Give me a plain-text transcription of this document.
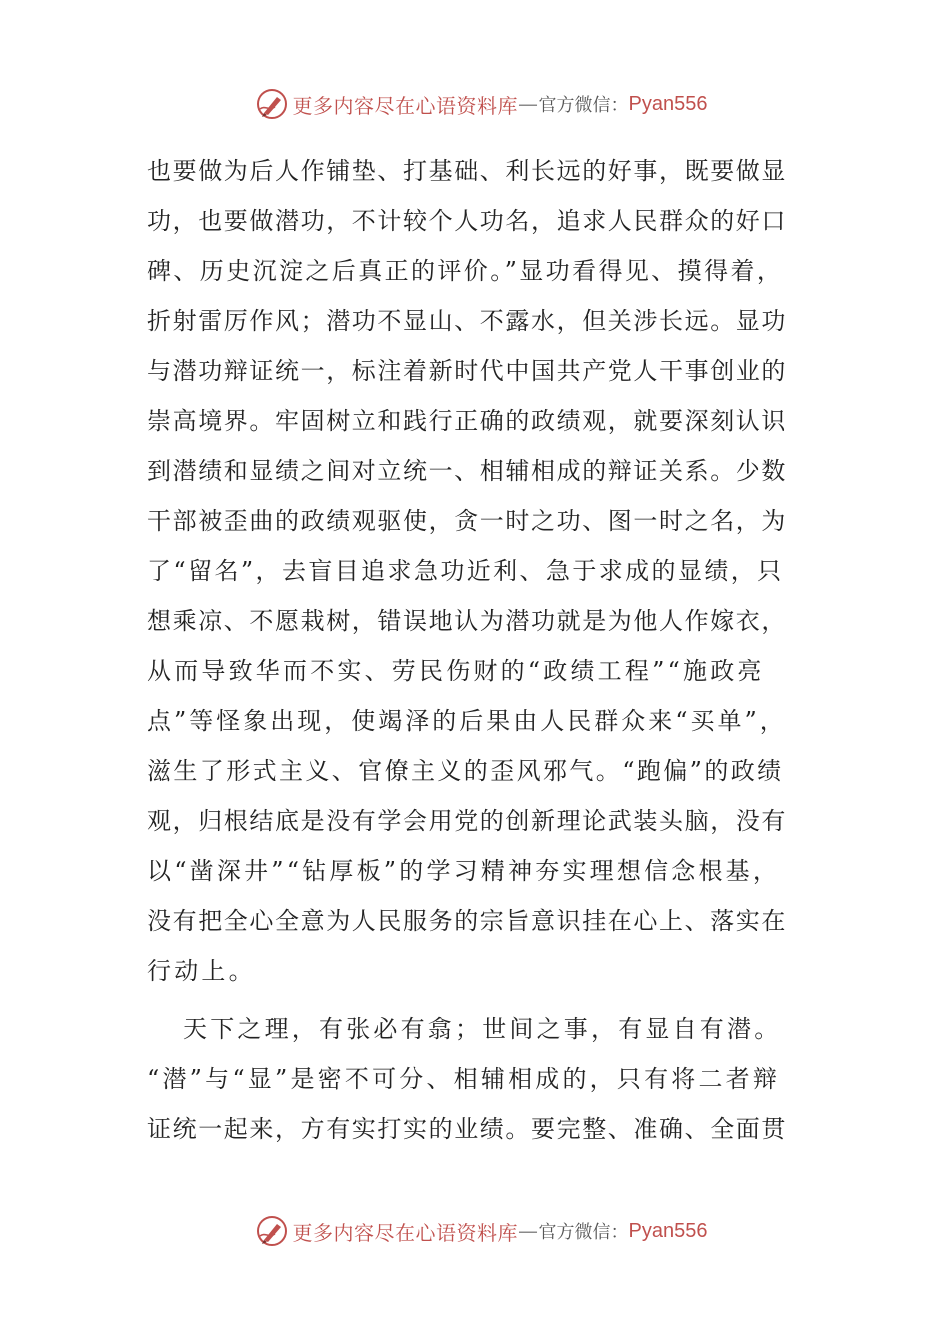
更多内容尽在心语资料库 — 官方微信： Pyan556
也要做为后人作铺垫、打基础、利长远的好事，既要做显
功，也要做潜功，不计较个人功名，追求人民群众的好口
碑、历史沉淀之后真正的评价。”显功看得见、摸得着，
折射雷厉作风；潜功不显山、不露水，但关涉长远。显功
与潜功辩证统一，标注着新时代中国共产党人干事创业的
崇高境界。牢固树立和践行正确的政绩观，就要深刻认识
到潜绩和显绩之间对立统一、相辅相成的辩证关系。少数
干部被歪曲的政绩观驱使，贪一时之功、图一时之名，为
了“留名”，去盲目追求急功近利、急于求成的显绩，只
想乘凉、不愿栽树，错误地认为潜功就是为他人作嫁衣，
从而导致华而不实、劳民伤财的“政绩工程”“施政亮
点”等怪象出现，使竭泽的后果由人民群众来“买单”，
滋生了形式主义、官僚主义的歪风邪气。“跑偏”的政绩
观，归根结底是没有学会用党的创新理论武装头脑，没有
以“凿深井”“钻厚板”的学习精神夯实理想信念根基，
没有把全心全意为人民服务的宗旨意识挂在心上、落实在
行动上。
天下之理，有张必有翕；世间之事，有显自有潜。
“潜”与“显”是密不可分、相辅相成的，只有将二者辩
证统一起来，方有实打实的业绩。要完整、准确、全面贯
更多内容尽在心语资料库 — 官方微信： Pyan556
